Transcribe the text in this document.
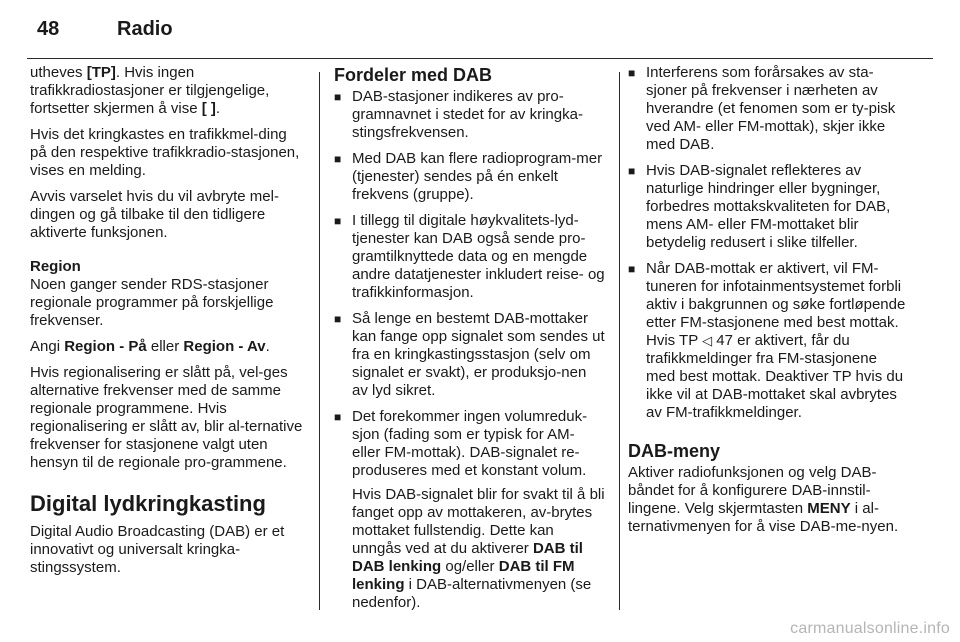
48	Radio

utheves [TP]. Hvis ingen trafikkradiostasjoner er tilgjengelige, fortsetter skjermen å vise [ ].

Hvis det kringkastes en trafikkmel-ding på den respektive trafikkradio-stasjonen, vises en melding.

Avvis varselet hvis du vil avbryte mel-dingen og gå tilbake til den tidligere aktiverte funksjonen.

Region

Noen ganger sender RDS-stasjoner regionale programmer på forskjellige frekvenser.

Angi Region - På eller Region - Av.

Hvis regionalisering er slått på, vel-ges alternative frekvenser med de samme regionale programmene. Hvis regionalisering er slått av, blir al-ternative frekvenser for stasjonene valgt uten hensyn til de regionale pro-grammene.

Digital lydkringkasting

Digital Audio Broadcasting (DAB) er et innovativt og universalt kringka-stingssystem.

Fordeler med DAB
■ DAB-stasjoner indikeres av pro-gramnavnet i stedet for av kringka-stingsfrekvensen.
■ Med DAB kan flere radioprogram-mer (tjenester) sendes på én enkelt frekvens (gruppe).
■ I tillegg til digitale høykvalitets-lyd-tjenester kan DAB også sende pro-gramtilknyttede data og en mengde andre datatjenester inkludert reise- og trafikkinformasjon.
■ Så lenge en bestemt DAB-mottaker kan fange opp signalet som sendes ut fra en kringkastingsstasjon (selv om signalet er svakt), er produksjo-nen av lyd sikret.
■ Det forekommer ingen volumreduk-sjon (fading som er typisk for AM- eller FM-mottak). DAB-signalet re-produseres med et konstant volum.

Hvis DAB-signalet blir for svakt til å bli fanget opp av mottakeren, av-brytes mottaket fullstendig. Dette kan unngås ved at du aktiverer DAB til DAB lenking og/eller DAB til FM lenking i DAB-alternativmenyen (se nedenfor).

■ Interferens som forårsakes av sta-sjoner på frekvenser i nærheten av hverandre (et fenomen som er ty-pisk ved AM- eller FM-mottak), skjer ikke med DAB.
■ Hvis DAB-signalet reflekteres av naturlige hindringer eller bygninger, forbedres mottakskvaliteten for DAB, mens AM- eller FM-mottaket blir betydelig redusert i slike tilfeller.
■ Når DAB-mottak er aktivert, vil FM-tuneren for infotainmentsystemet forbli aktiv i bakgrunnen og søke fortløpende etter FM-stasjonene med best mottak. Hvis TP ◁ 47 er aktivert, får du trafikkmeldinger fra FM-stasjonene med best mottak. Deaktiver TP hvis du ikke vil at DAB-mottaket skal avbrytes av FM-trafikkmeldinger.
DAB-meny

Aktiver radiofunksjonen og velg DAB-båndet for å konfigurere DAB-innstil-lingene. Velg skjermtasten MENY i al-ternativmenyen for å vise DAB-me-nyen.

carmanualsonline.info
